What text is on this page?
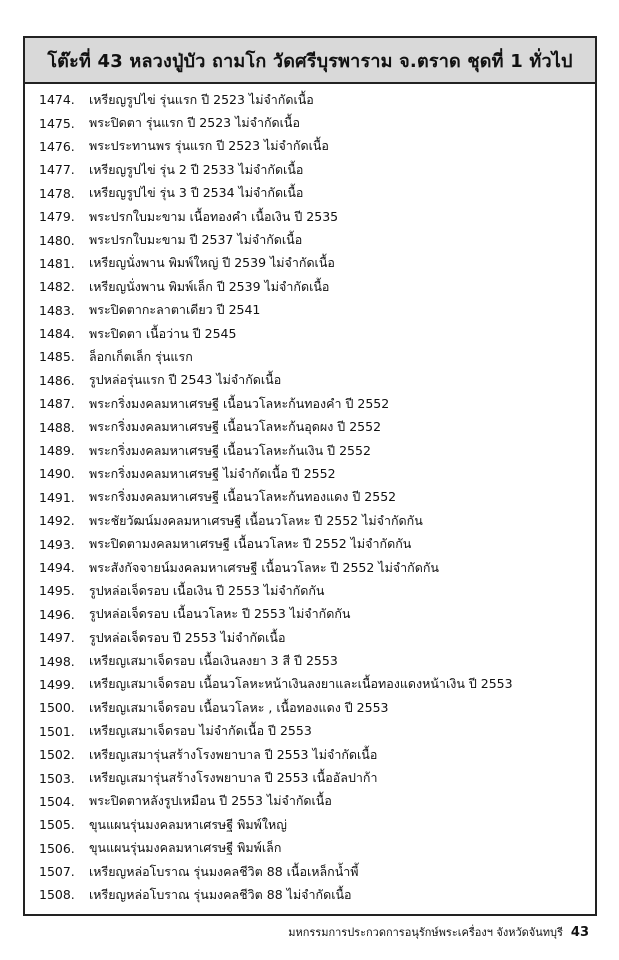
โต๊ะที่ 43 หลวงปู่บัว ถามโก วัดศรีบุรพาราม จ.ตราด ชุดที่ 1 ทั่วไป
1474.	เหรียญรูปไข่ รุ่นแรก ปี 2523 ไม่จำกัดเนื้อ
1475.	พระปิดตา รุ่นแรก ปี 2523 ไม่จำกัดเนื้อ
1476.	พระประทานพร รุ่นแรก ปี 2523 ไม่จำกัดเนื้อ
1477.	เหรียญรูปไข่ รุ่น 2 ปี 2533 ไม่จำกัดเนื้อ
1478.	เหรียญรูปไข่ รุ่น 3 ปี 2534 ไม่จำกัดเนื้อ
1479.	พระปรกใบมะขาม เนื้อทองคำ เนื้อเงิน ปี 2535
1480.	พระปรกใบมะขาม ปี 2537 ไม่จำกัดเนื้อ
1481.	เหรียญนั่งพาน พิมพ์ใหญ่ ปี 2539 ไม่จำกัดเนื้อ
1482.	เหรียญนั่งพาน พิมพ์เล็ก ปี 2539 ไม่จำกัดเนื้อ
1483.	พระปิดตากะลาตาเดียว ปี 2541
1484.	พระปิดตา เนื้อว่าน ปี 2545
1485.	ล็อกเก็ตเล็ก รุ่นแรก
1486.	รูปหล่อรุ่นแรก ปี 2543 ไม่จำกัดเนื้อ
1487.	พระกริ่งมงคลมหาเศรษฐี เนื้อนวโลหะก้นทองคำ ปี 2552
1488.	พระกริ่งมงคลมหาเศรษฐี เนื้อนวโลหะก้นอุดผง ปี 2552
1489.	พระกริ่งมงคลมหาเศรษฐี เนื้อนวโลหะก้นเงิน ปี 2552
1490.	พระกริ่งมงคลมหาเศรษฐี ไม่จำกัดเนื้อ ปี 2552
1491.	พระกริ่งมงคลมหาเศรษฐี เนื้อนวโลหะก้นทองแดง ปี 2552
1492.	พระชัยวัฒน์มงคลมหาเศรษฐี เนื้อนวโลหะ ปี 2552 ไม่จำกัดกัน
1493.	พระปิดตามงคลมหาเศรษฐี เนื้อนวโลหะ ปี 2552 ไม่จำกัดกัน
1494.	พระสังกัจจายน์มงคลมหาเศรษฐี เนื้อนวโลหะ ปี 2552 ไม่จำกัดกัน
1495.	รูปหล่อเจ็ดรอบ เนื้อเงิน ปี 2553 ไม่จำกัดกัน
1496.	รูปหล่อเจ็ดรอบ เนื้อนวโลหะ ปี 2553 ไม่จำกัดกัน
1497.	รูปหล่อเจ็ดรอบ ปี 2553 ไม่จำกัดเนื้อ
1498.	เหรียญเสมาเจ็ดรอบ เนื้อเงินลงยา 3 สี ปี 2553
1499.	เหรียญเสมาเจ็ดรอบ เนื้อนวโลหะหน้าเงินลงยาและเนื้อทองแดงหน้าเงิน ปี 2553
1500.	เหรียญเสมาเจ็ดรอบ เนื้อนวโลหะ , เนื้อทองแดง ปี 2553
1501.	เหรียญเสมาเจ็ดรอบ ไม่จำกัดเนื้อ ปี 2553
1502.	เหรียญเสมารุ่นสร้างโรงพยาบาล ปี 2553 ไม่จำกัดเนื้อ
1503.	เหรียญเสมารุ่นสร้างโรงพยาบาล ปี 2553 เนื้ออัลปาก้า
1504.	พระปิดตาหลังรูปเหมือน ปี 2553 ไม่จำกัดเนื้อ
1505.	ขุนแผนรุ่นมงคลมหาเศรษฐี พิมพ์ใหญ่
1506.	ขุนแผนรุ่นมงคลมหาเศรษฐี พิมพ์เล็ก
1507.	เหรียญหล่อโบราณ รุ่นมงคลชีวิต 88 เนื้อเหล็กน้ำพี้
1508.	เหรียญหล่อโบราณ รุ่นมงคลชีวิต 88 ไม่จำกัดเนื้อ
มหกรรมการประกวดการอนุรักษ์พระเครื่องฯ จังหวัดจันทบุรี 43
